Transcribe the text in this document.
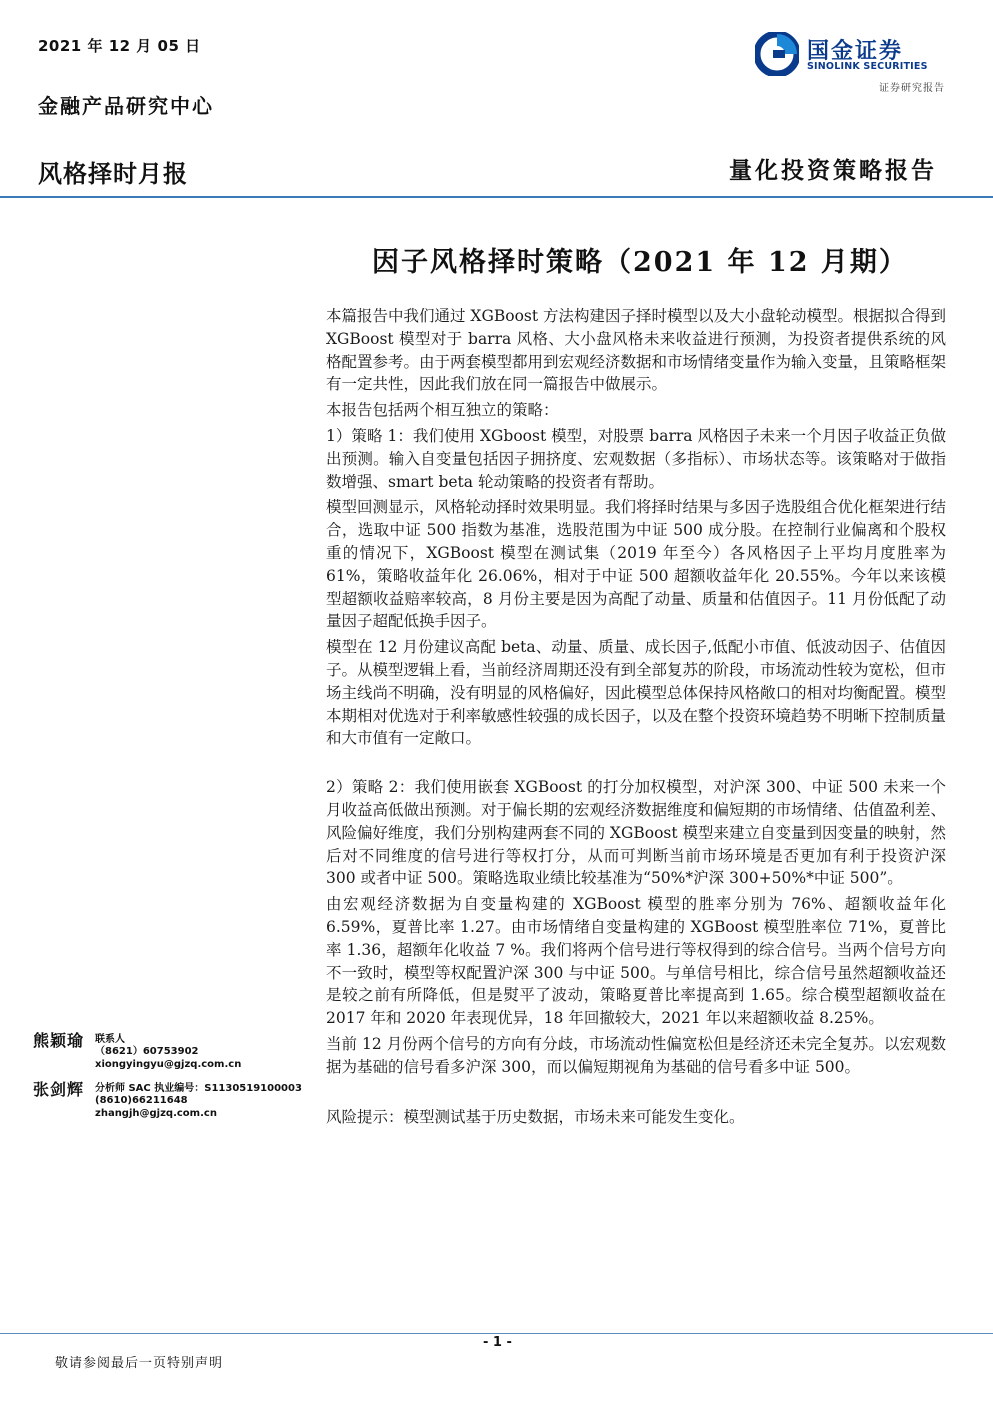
2021 年 12 月 05 日
金融产品研究中心
国金证券
SINOLINK SECURITIES
证券研究报告
风格择时月报	量化投资策略报告
因子风格择时策略（2021 年 12 月期）

本篇报告中我们通过 XGBoost 方法构建因子择时模型以及大小盘轮动模型。根据拟合得到 XGBoost 模型对于 barra 风格、大小盘风格未来收益进行预测，为投资者提供系统的风格配置参考。由于两套模型都用到宏观经济数据和市场情绪变量作为输入变量，且策略框架有一定共性，因此我们放在同一篇报告中做展示。

本报告包括两个相互独立的策略：

1）策略 1：我们使用 XGboost 模型，对股票 barra 风格因子未来一个月因子收益正负做出预测。输入自变量包括因子拥挤度、宏观数据（多指标）、市场状态等。该策略对于做指数增强、smart beta 轮动策略的投资者有帮助。

模型回测显示，风格轮动择时效果明显。我们将择时结果与多因子选股组合优化框架进行结合，选取中证 500 指数为基准，选股范围为中证 500 成分股。在控制行业偏离和个股权重的情况下，XGBoost 模型在测试集（2019 年至今）各风格因子上平均月度胜率为 61%，策略收益年化 26.06%，相对于中证 500 超额收益年化 20.55%。今年以来该模型超额收益赔率较高，8 月份主要是因为高配了动量、质量和估值因子。11 月份低配了动量因子超配低换手因子。

模型在 12 月份建议高配 beta、动量、质量、成长因子,低配小市值、低波动因子、估值因子。从模型逻辑上看，当前经济周期还没有到全部复苏的阶段，市场流动性较为宽松，但市场主线尚不明确，没有明显的风格偏好，因此模型总体保持风格敞口的相对均衡配置。模型本期相对优选对于利率敏感性较强的成长因子，以及在整个投资环境趋势不明晰下控制质量和大市值有一定敞口。

2）策略 2：我们使用嵌套 XGBoost 的打分加权模型，对沪深 300、中证 500 未来一个月收益高低做出预测。对于偏长期的宏观经济数据维度和偏短期的市场情绪、估值盈利差、风险偏好维度，我们分别构建两套不同的 XGBoost 模型来建立自变量到因变量的映射，然后对不同维度的信号进行等权打分，从而可判断当前市场环境是否更加有利于投资沪深 300 或者中证 500。策略选取业绩比较基准为“50%*沪深 300+50%*中证 500”。

由宏观经济数据为自变量构建的 XGBoost 模型的胜率分别为 76%、超额收益年化 6.59%，夏普比率 1.27。由市场情绪自变量构建的 XGBoost 模型胜率位 71%，夏普比率 1.36，超额年化收益 7 %。我们将两个信号进行等权得到的综合信号。当两个信号方向不一致时，模型等权配置沪深 300 与中证 500。与单信号相比，综合信号虽然超额收益还是较之前有所降低，但是熨平了波动，策略夏普比率提高到 1.65。综合模型超额收益在 2017 年和 2020 年表现优异，18 年回撤较大，2021 年以来超额收益 8.25%。

当前 12 月份两个信号的方向有分歧，市场流动性偏宽松但是经济还未完全复苏。以宏观数据为基础的信号看多沪深 300，而以偏短期视角为基础的信号看多中证 500。

风险提示：模型测试基于历史数据，市场未来可能发生变化。

熊颖瑜 联系人
（8621）60753902
xiongyingyu@gjzq.com.cn
张剑辉 分析师 SAC 执业编号：S1130519100003
(8610)66211648
zhangjh@gjzq.com.cn
- 1 -
敬请参阅最后一页特别声明
